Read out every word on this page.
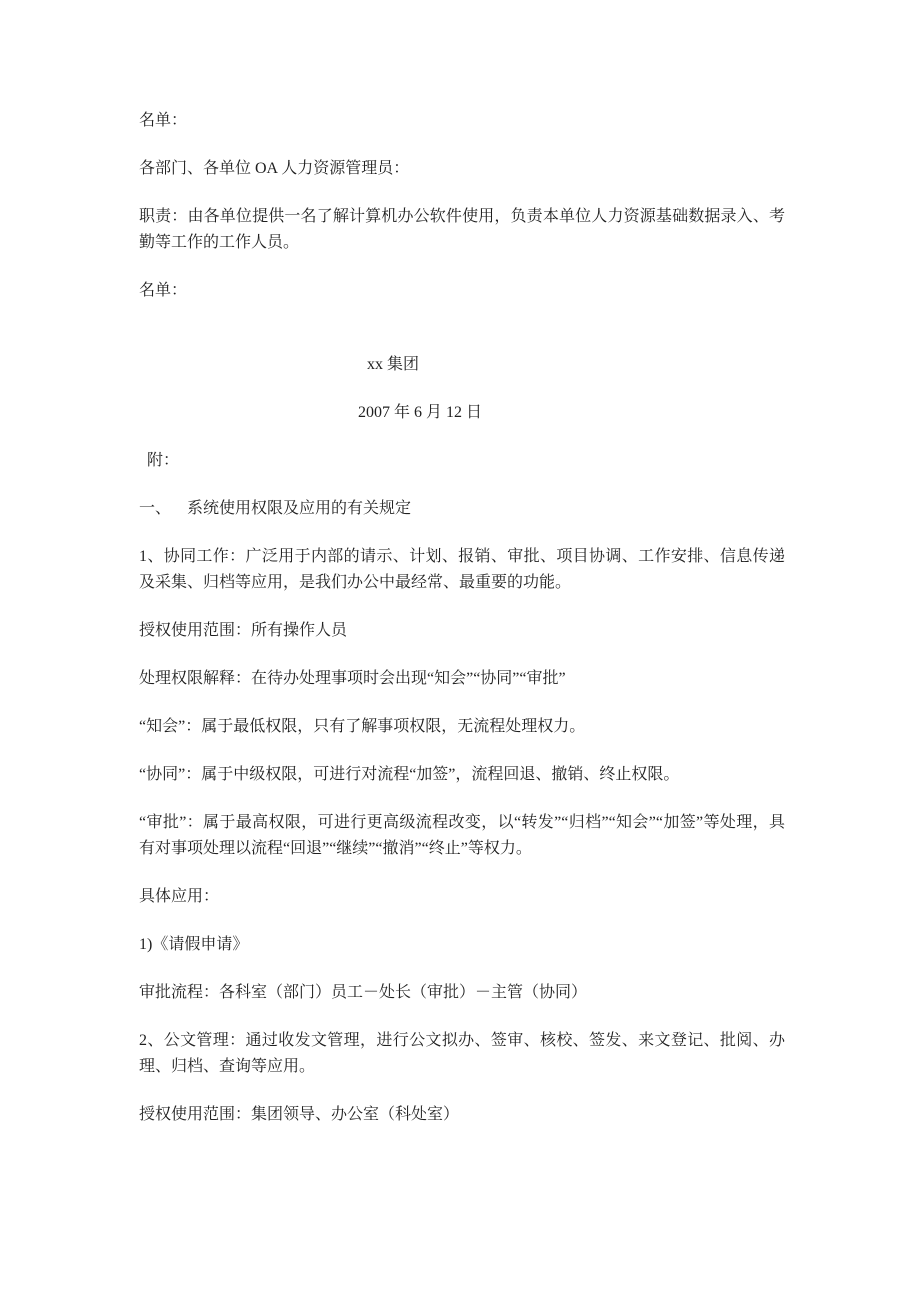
名单：

各部门、各单位 OA 人力资源管理员：

职责：由各单位提供一名了解计算机办公软件使用，负责本单位人力资源基础数据录入、考勤等工作的工作人员。

名单：

xx 集团

2007 年 6 月 12 日

附：

一、 系统使用权限及应用的有关规定

1、协同工作：广泛用于内部的请示、计划、报销、审批、项目协调、工作安排、信息传递及采集、归档等应用，是我们办公中最经常、最重要的功能。

授权使用范围：所有操作人员

处理权限解释：在待办处理事项时会出现“知会”“协同”“审批”

“知会”：属于最低权限，只有了解事项权限，无流程处理权力。

“协同”：属于中级权限，可进行对流程“加签”，流程回退、撤销、终止权限。

“审批”：属于最高权限，可进行更高级流程改变，以“转发”“归档”“知会”“加签”等处理，具有对事项处理以流程“回退”“继续”“撤消”“终止”等权力。

具体应用：

1)《请假申请》

审批流程：各科室（部门）员工－处长（审批）－主管（协同）

2、公文管理：通过收发文管理，进行公文拟办、签审、核校、签发、来文登记、批阅、办理、归档、查询等应用。

授权使用范围：集团领导、办公室（科处室）
